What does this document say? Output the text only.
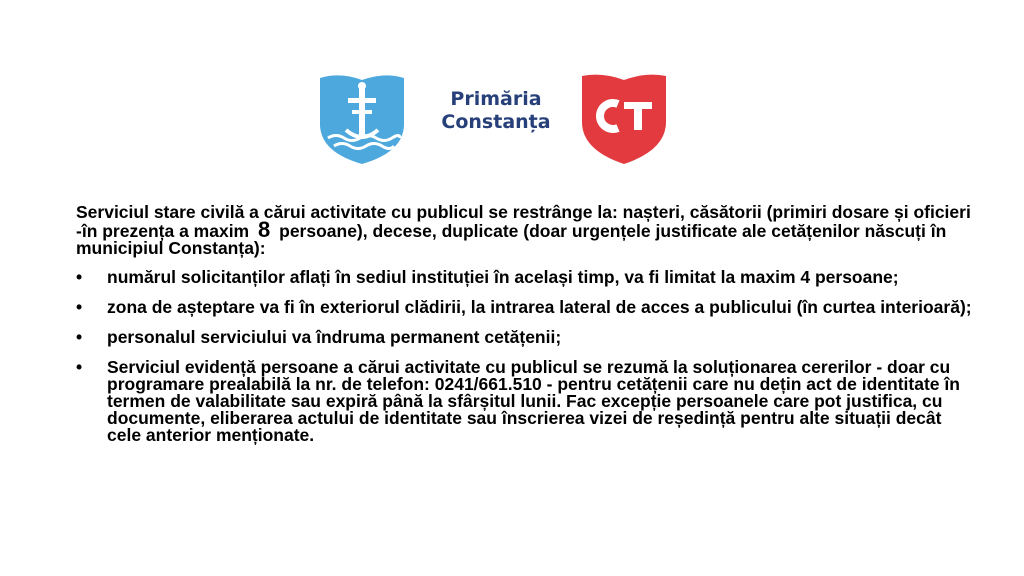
Primăria
Constanța

Serviciul stare civilă a cărui activitate cu publicul se restrânge la: nașteri, căsătorii (primiri dosare și oficieri -în prezența a maxim 8 persoane), decese, duplicate (doar urgențele justificate ale cetățenilor născuți în municipiul Constanța):

• numărul solicitanților aflați în sediul instituției în același timp, va fi limitat la maxim 4 persoane;
• zona de așteptare va fi în exteriorul clădirii, la intrarea lateral de acces a publicului (în curtea interioară);
• personalul serviciului va îndruma permanent cetățenii;
• Serviciul evidență persoane a cărui activitate cu publicul se rezumă la soluționarea cererilor - doar cu programare prealabilă la nr. de telefon: 0241/661.510 - pentru cetățenii care nu dețin act de identitate în termen de valabilitate sau expiră până la sfârșitul lunii. Fac excepție persoanele care pot justifica, cu documente, eliberarea actului de identitate sau înscrierea vizei de reședință pentru alte situații decât cele anterior menționate.
